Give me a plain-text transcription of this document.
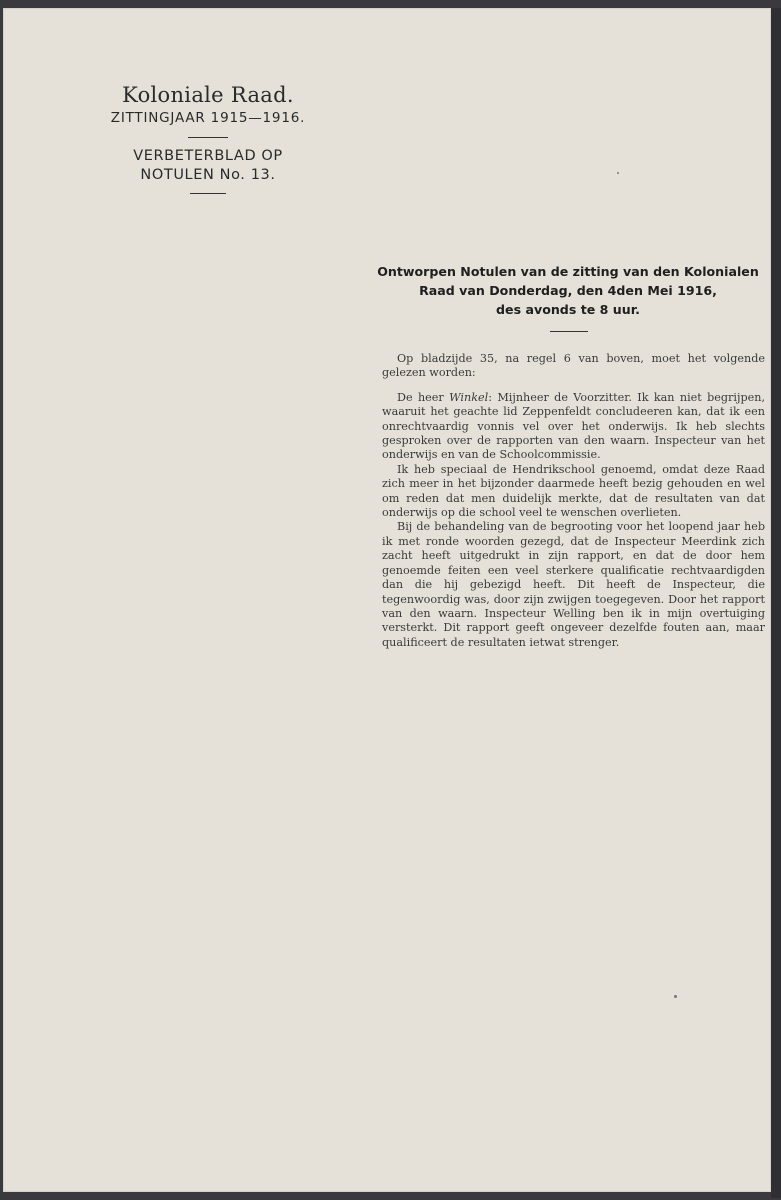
Koloniale Raad.
ZITTINGJAAR 1915—1916.
VERBETERBLAD OP
NOTULEN No. 13.
Ontworpen Notulen van de zitting van den Kolonialen
Raad van Donderdag, den 4den Mei 1916,
des avonds te 8 uur.

Op bladzijde 35, na regel 6 van boven, moet het volgende gelezen worden:

De heer Winkel: Mijnheer de Voorzitter. Ik kan niet begrijpen, waaruit het geachte lid Zeppenfeldt concludeeren kan, dat ik een onrechtvaardig vonnis vel over het onderwijs. Ik heb slechts gesproken over de rapporten van den waarn. Inspecteur van het onderwijs en van de Schoolcommissie.

Ik heb speciaal de Hendrikschool genoemd, omdat deze Raad zich meer in het bijzonder daarmede heeft bezig gehouden en wel om reden dat men duidelijk merkte, dat de resultaten van dat onderwijs op die school veel te wenschen overlieten.

Bij de behandeling van de begrooting voor het loopend jaar heb ik met ronde woorden gezegd, dat de Inspecteur Meerdink zich zacht heeft uitgedrukt in zijn rapport, en dat de door hem genoemde feiten een veel sterkere qualificatie rechtvaardigden dan die hij gebezigd heeft. Dit heeft de Inspecteur, die tegenwoordig was, door zijn zwijgen toegegeven. Door het rapport van den waarn. Inspecteur Welling ben ik in mijn overtuiging versterkt. Dit rapport geeft ongeveer dezelfde fouten aan, maar qualificeert de resultaten ietwat strenger.
